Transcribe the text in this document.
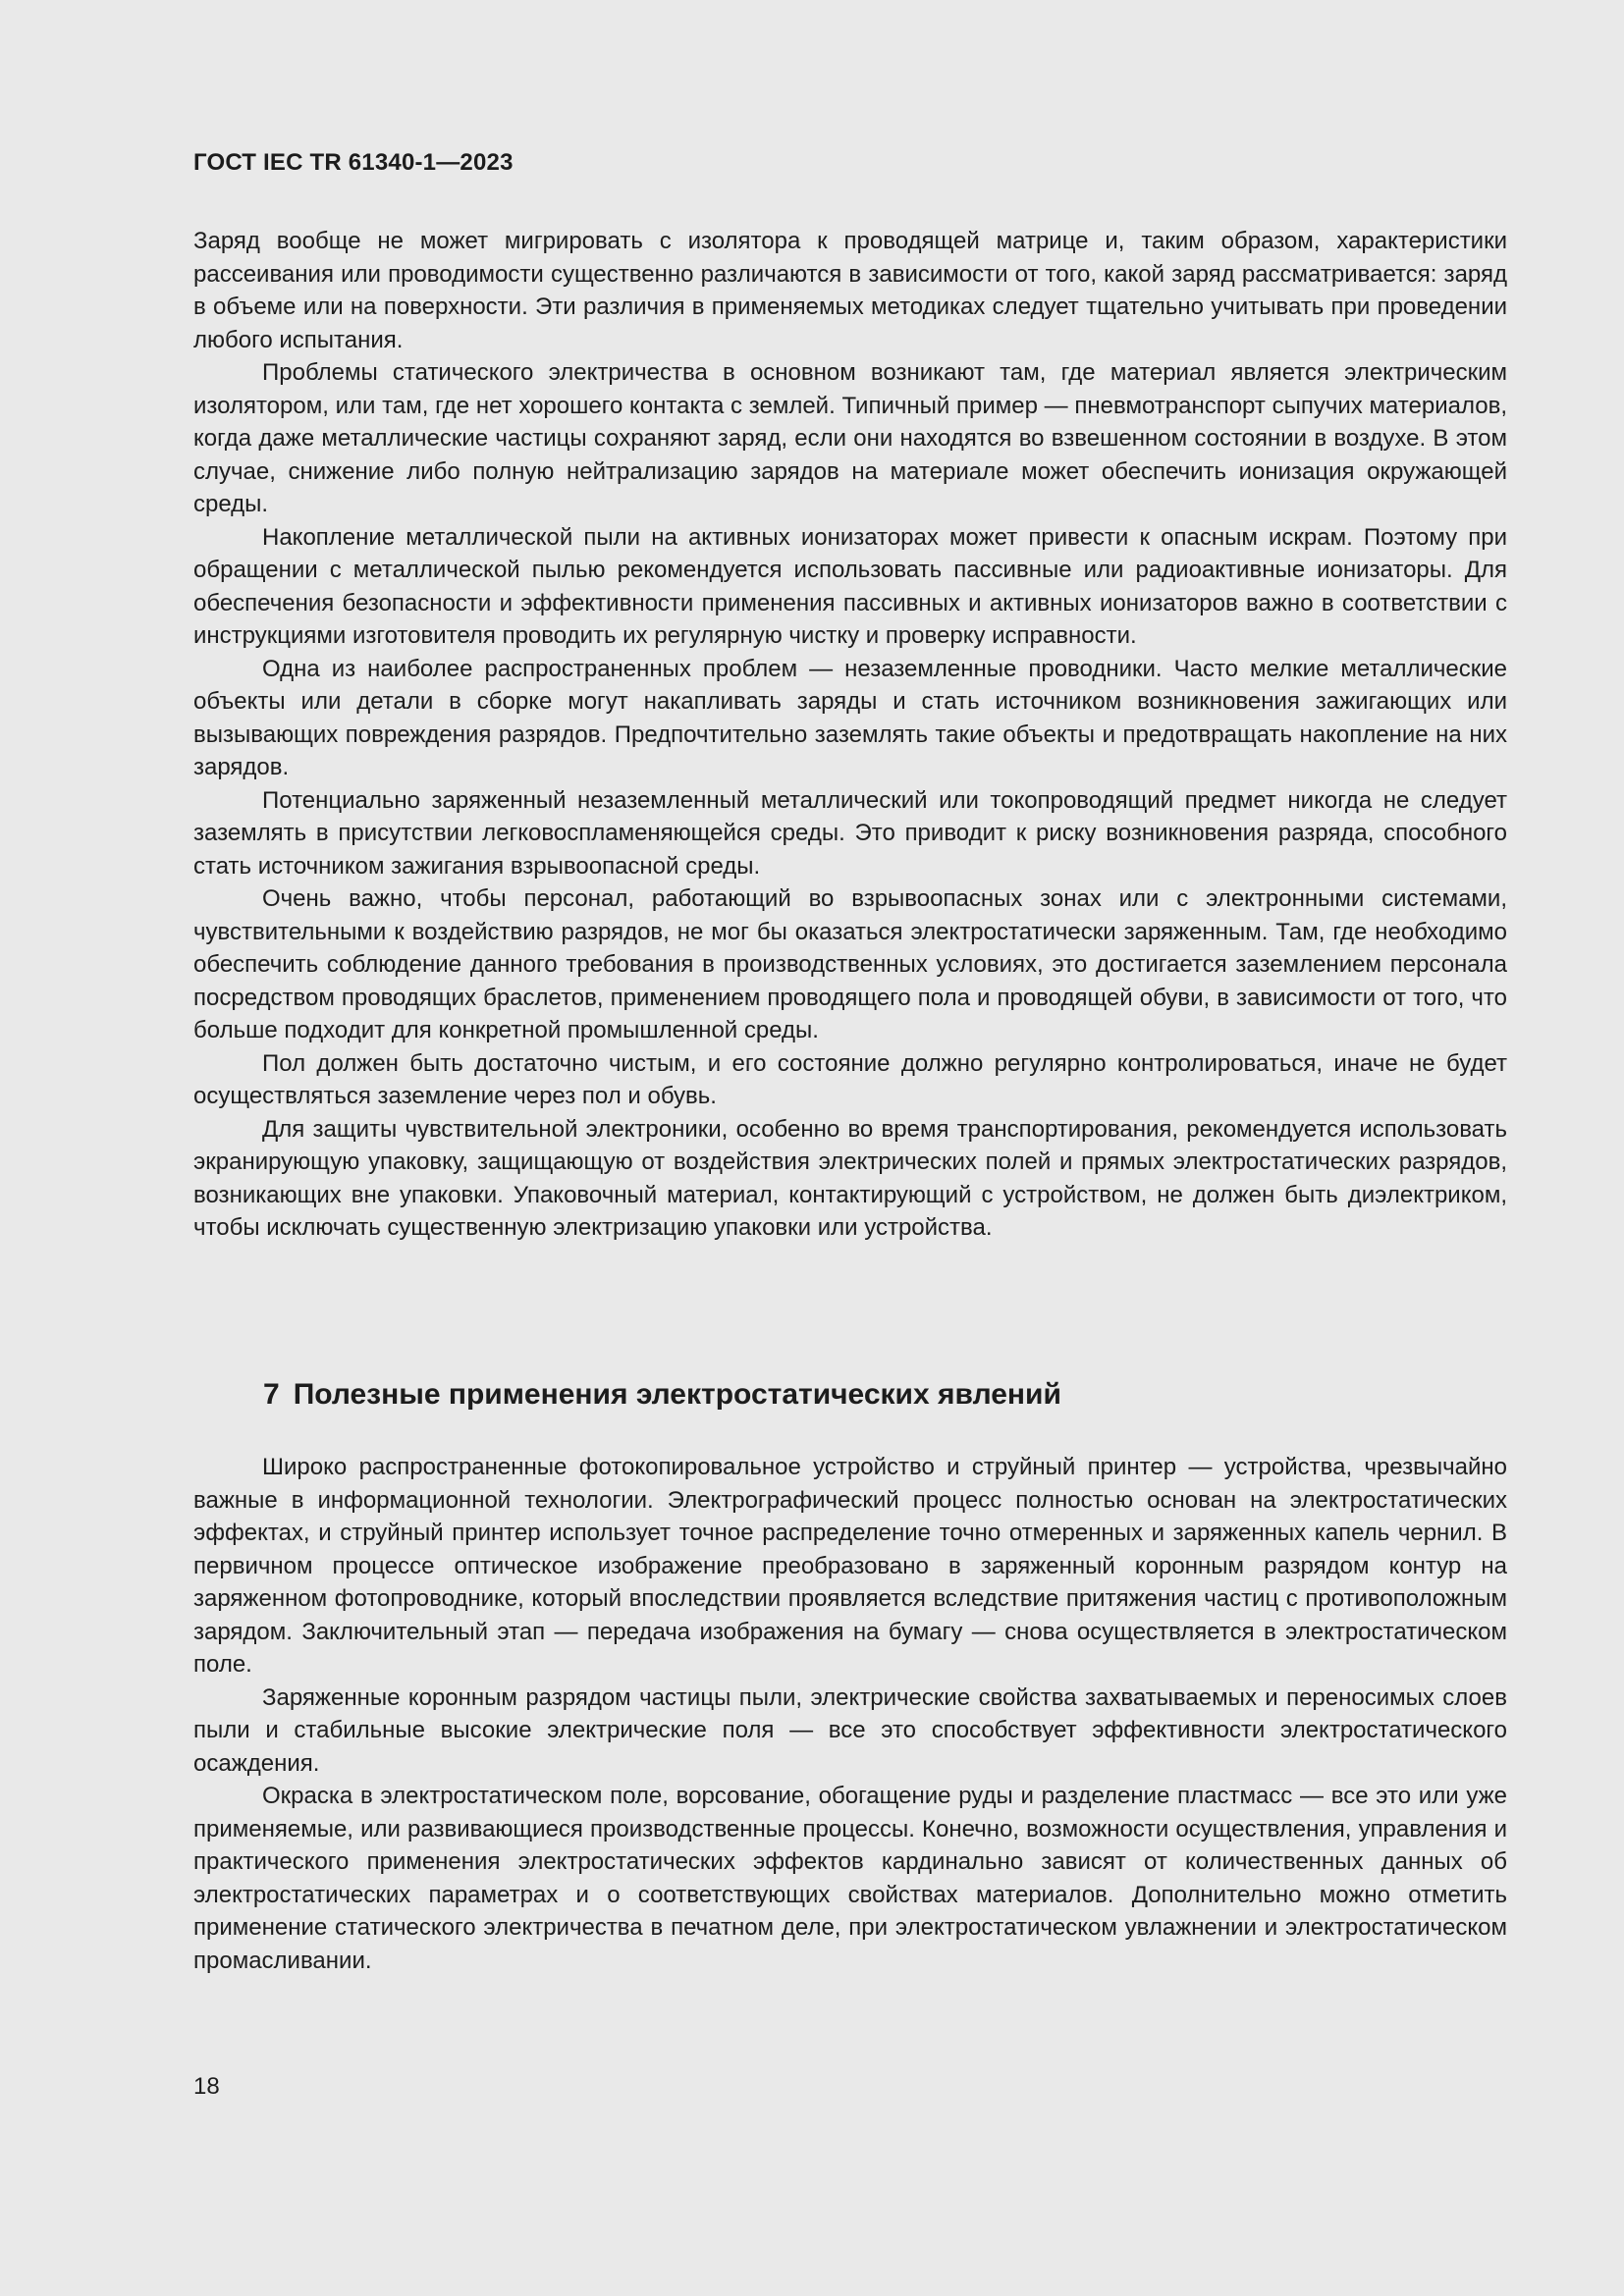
ГОСТ IEC TR 61340-1—2023

Заряд вообще не может мигрировать с изолятора к проводящей матрице и, таким образом, характеристики рассеивания или проводимости существенно различаются в зависимости от того, какой заряд рассматривается: заряд в объеме или на поверхности. Эти различия в применяемых методиках следует тщательно учитывать при проведении любого испытания.

Проблемы статического электричества в основном возникают там, где материал является электрическим изолятором, или там, где нет хорошего контакта с землей. Типичный пример — пневмотранспорт сыпучих материалов, когда даже металлические частицы сохраняют заряд, если они находятся во взвешенном состоянии в воздухе. В этом случае, снижение либо полную нейтрализацию зарядов на материале может обеспечить ионизация окружающей среды.

Накопление металлической пыли на активных ионизаторах может привести к опасным искрам. Поэтому при обращении с металлической пылью рекомендуется использовать пассивные или радиоактивные ионизаторы. Для обеспечения безопасности и эффективности применения пассивных и активных ионизаторов важно в соответствии с инструкциями изготовителя проводить их регулярную чистку и проверку исправности.

Одна из наиболее распространенных проблем — незаземленные проводники. Часто мелкие металлические объекты или детали в сборке могут накапливать заряды и стать источником возникновения зажигающих или вызывающих повреждения разрядов. Предпочтительно заземлять такие объекты и предотвращать накопление на них зарядов.

Потенциально заряженный незаземленный металлический или токопроводящий предмет никогда не следует заземлять в присутствии легковоспламеняющейся среды. Это приводит к риску возникновения разряда, способного стать источником зажигания взрывоопасной среды.

Очень важно, чтобы персонал, работающий во взрывоопасных зонах или с электронными системами, чувствительными к воздействию разрядов, не мог бы оказаться электростатически заряженным. Там, где необходимо обеспечить соблюдение данного требования в производственных условиях, это достигается заземлением персонала посредством проводящих браслетов, применением проводящего пола и проводящей обуви, в зависимости от того, что больше подходит для конкретной промышленной среды.

Пол должен быть достаточно чистым, и его состояние должно регулярно контролироваться, иначе не будет осуществляться заземление через пол и обувь.

Для защиты чувствительной электроники, особенно во время транспортирования, рекомендуется использовать экранирующую упаковку, защищающую от воздействия электрических полей и прямых электростатических разрядов, возникающих вне упаковки. Упаковочный материал, контактирующий с устройством, не должен быть диэлектриком, чтобы исключать существенную электризацию упаковки или устройства.

7 Полезные применения электростатических явлений

Широко распространенные фотокопировальное устройство и струйный принтер — устройства, чрезвычайно важные в информационной технологии. Электрографический процесс полностью основан на электростатических эффектах, и струйный принтер использует точное распределение точно отмеренных и заряженных капель чернил. В первичном процессе оптическое изображение преобразовано в заряженный коронным разрядом контур на заряженном фотопроводнике, который впоследствии проявляется вследствие притяжения частиц с противоположным зарядом. Заключительный этап — передача изображения на бумагу — снова осуществляется в электростатическом поле.

Заряженные коронным разрядом частицы пыли, электрические свойства захватываемых и переносимых слоев пыли и стабильные высокие электрические поля — все это способствует эффективности электростатического осаждения.

Окраска в электростатическом поле, ворсование, обогащение руды и разделение пластмасс — все это или уже применяемые, или развивающиеся производственные процессы. Конечно, возможности осуществления, управления и практического применения электростатических эффектов кардинально зависят от количественных данных об электростатических параметрах и о соответствующих свойствах материалов. Дополнительно можно отметить применение статического электричества в печатном деле, при электростатическом увлажнении и электростатическом промасливании.

18
